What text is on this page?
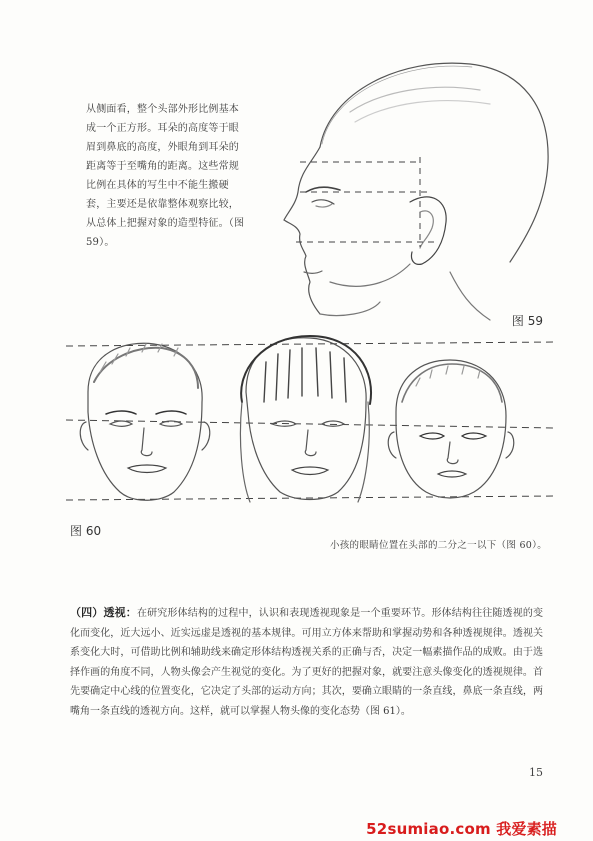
从侧面看，整个头部外形比例基本成一个正方形。耳朵的高度等于眼眉到鼻底的高度，外眼角到耳朵的距离等于至嘴角的距离。这些常规比例在具体的写生中不能生搬硬套，主要还是依靠整体观察比较，从总体上把握对象的造型特征。（图59）。
图 59
图 60
小孩的眼睛位置在头部的二分之一以下（图 60）。
（四）透视：在研究形体结构的过程中，认识和表现透视现象是一个重要环节。形体结构往往随透视的变化而变化，近大远小、近实远虚是透视的基本规律。可用立方体来帮助和掌握动势和各种透视规律。透视关系变化大时，可借助比例和辅助线来确定形体结构透视关系的正确与否，决定一幅素描作品的成败。由于选择作画的角度不同，人物头像会产生视觉的变化。为了更好的把握对象，就要注意头像变化的透视规律。首先要确定中心线的位置变化，它决定了头部的运动方向；其次，要确立眼睛的一条直线，鼻底一条直线，两嘴角一条直线的透视方向。这样，就可以掌握人物头像的变化态势（图 61）。
15
52sumiao.com 我爱素描
